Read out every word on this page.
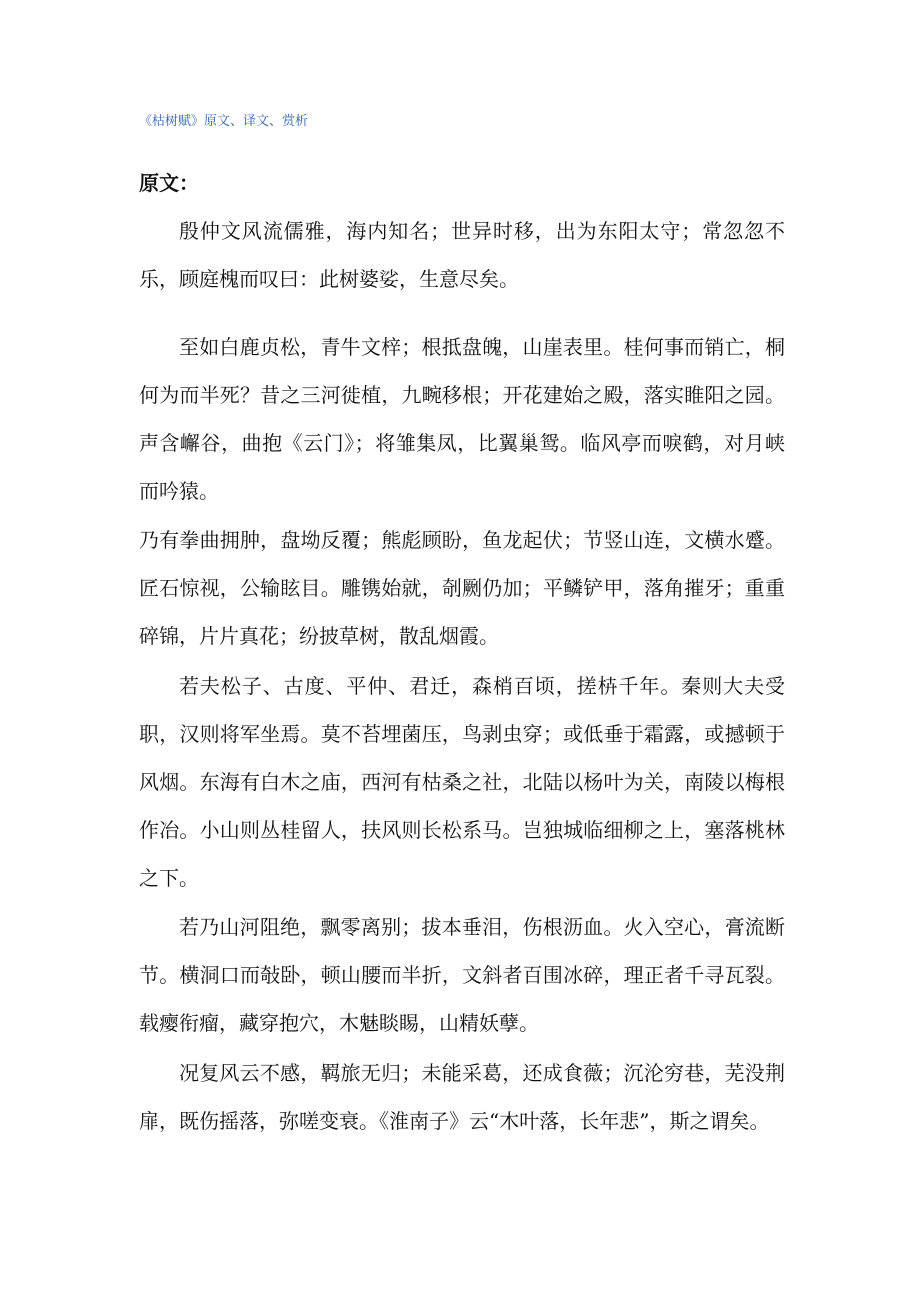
《枯树赋》原文、译文、赏析
原文：

殷仲文风流儒雅，海内知名；世异时移，出为东阳太守；常忽忽不乐，顾庭槐而叹曰：此树婆娑，生意尽矣。

至如白鹿贞松，青牛文梓；根抵盘魄，山崖表里。桂何事而销亡，桐何为而半死？昔之三河徙植，九畹移根；开花建始之殿，落实睢阳之园。声含嶰谷，曲抱《云门》；将雏集凤，比翼巢鸳。临风亭而唳鹤，对月峡而吟猿。

乃有拳曲拥肿，盘坳反覆；熊彪顾盼，鱼龙起伏；节竖山连，文横水蹙。匠石惊视，公输眩目。雕镌始就，剞劂仍加；平鳞铲甲，落角摧牙；重重碎锦，片片真花；纷披草树，散乱烟霞。

若夫松子、古度、平仲、君迁，森梢百顷，搓枿千年。秦则大夫受职，汉则将军坐焉。莫不苔埋菌压，鸟剥虫穿；或低垂于霜露，或撼顿于风烟。东海有白木之庙，西河有枯桑之社，北陆以杨叶为关，南陵以梅根作冶。小山则丛桂留人，扶风则长松系马。岂独城临细柳之上，塞落桃林之下。

若乃山河阻绝，飘零离别；拔本垂泪，伤根沥血。火入空心，膏流断节。横洞口而敧卧，顿山腰而半折，文斜者百围冰碎，理正者千寻瓦裂。载瘿衔瘤，藏穿抱穴，木魅睒睗，山精妖孽。

况复风云不感，羁旅无归；未能采葛，还成食薇；沉沦穷巷，芜没荆扉，既伤摇落，弥嗟变衰。《淮南子》云“木叶落，长年悲”，斯之谓矣。
